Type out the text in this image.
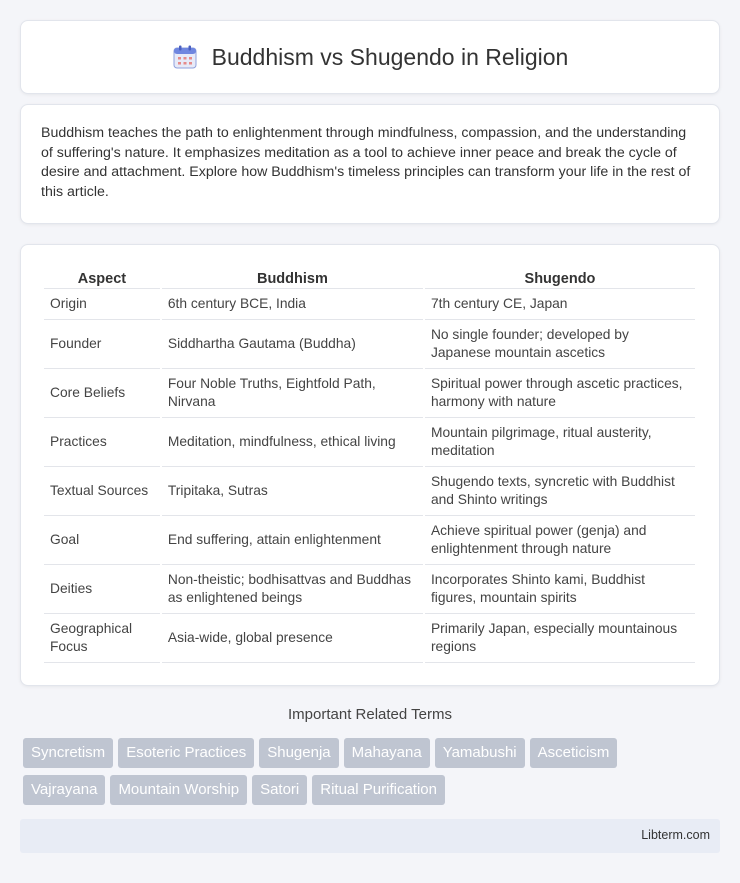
Buddhism vs Shugendo in Religion

Buddhism teaches the path to enlightenment through mindfulness, compassion, and the understanding of suffering's nature. It emphasizes meditation as a tool to achieve inner peace and break the cycle of desire and attachment. Explore how Buddhism's timeless principles can transform your life in the rest of this article.

Aspect	Buddhism	Shugendo
Origin	6th century BCE, India	7th century CE, Japan
Founder	Siddhartha Gautama (Buddha)	No single founder; developed by Japanese mountain ascetics
Core Beliefs	Four Noble Truths, Eightfold Path, Nirvana	Spiritual power through ascetic practices, harmony with nature
Practices	Meditation, mindfulness, ethical living	Mountain pilgrimage, ritual austerity, meditation
Textual Sources	Tripitaka, Sutras	Shugendo texts, syncretic with Buddhist and Shinto writings
Goal	End suffering, attain enlightenment	Achieve spiritual power (genja) and enlightenment through nature
Deities	Non-theistic; bodhisattvas and Buddhas as enlightened beings	Incorporates Shinto kami, Buddhist figures, mountain spirits
Geographical Focus	Asia-wide, global presence	Primarily Japan, especially mountainous regions
Important Related Terms
Syncretism Esoteric Practices Shugenja Mahayana Yamabushi Asceticism
Vajrayana Mountain Worship Satori Ritual Purification
Libterm.com
